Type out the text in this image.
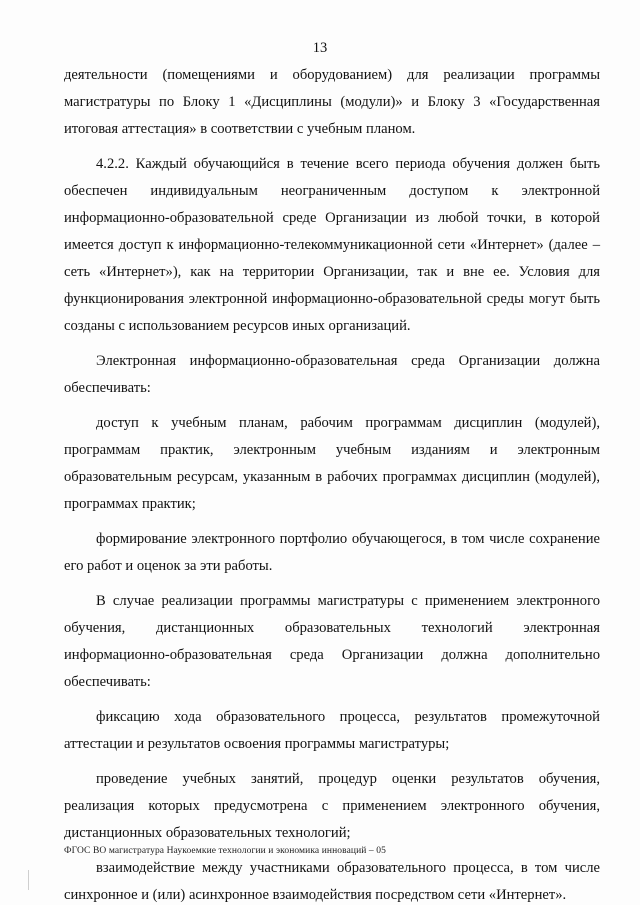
13

деятельности (помещениями и оборудованием) для реализации программы магистратуры по Блоку 1 «Дисциплины (модули)» и Блоку 3 «Государственная итоговая аттестация» в соответствии с учебным планом.

4.2.2. Каждый обучающийся в течение всего периода обучения должен быть обеспечен индивидуальным неограниченным доступом к электронной информационно-образовательной среде Организации из любой точки, в которой имеется доступ к информационно-телекоммуникационной сети «Интернет» (далее – сеть «Интернет»), как на территории Организации, так и вне ее. Условия для функционирования электронной информационно-образовательной среды могут быть созданы с использованием ресурсов иных организаций.

Электронная информационно-образовательная среда Организации должна обеспечивать:

доступ к учебным планам, рабочим программам дисциплин (модулей), программам практик, электронным учебным изданиям и электронным образовательным ресурсам, указанным в рабочих программах дисциплин (модулей), программах практик;

формирование электронного портфолио обучающегося, в том числе сохранение его работ и оценок за эти работы.

В случае реализации программы магистратуры с применением электронного обучения, дистанционных образовательных технологий электронная информационно-образовательная среда Организации должна дополнительно обеспечивать:

фиксацию хода образовательного процесса, результатов промежуточной аттестации и результатов освоения программы магистратуры;

проведение учебных занятий, процедур оценки результатов обучения, реализация которых предусмотрена с применением электронного обучения, дистанционных образовательных технологий;

взаимодействие между участниками образовательного процесса, в том числе синхронное и (или) асинхронное взаимодействия посредством сети «Интернет».

ФГОС ВО магистратура Наукоемкие технологии и экономика инноваций – 05
